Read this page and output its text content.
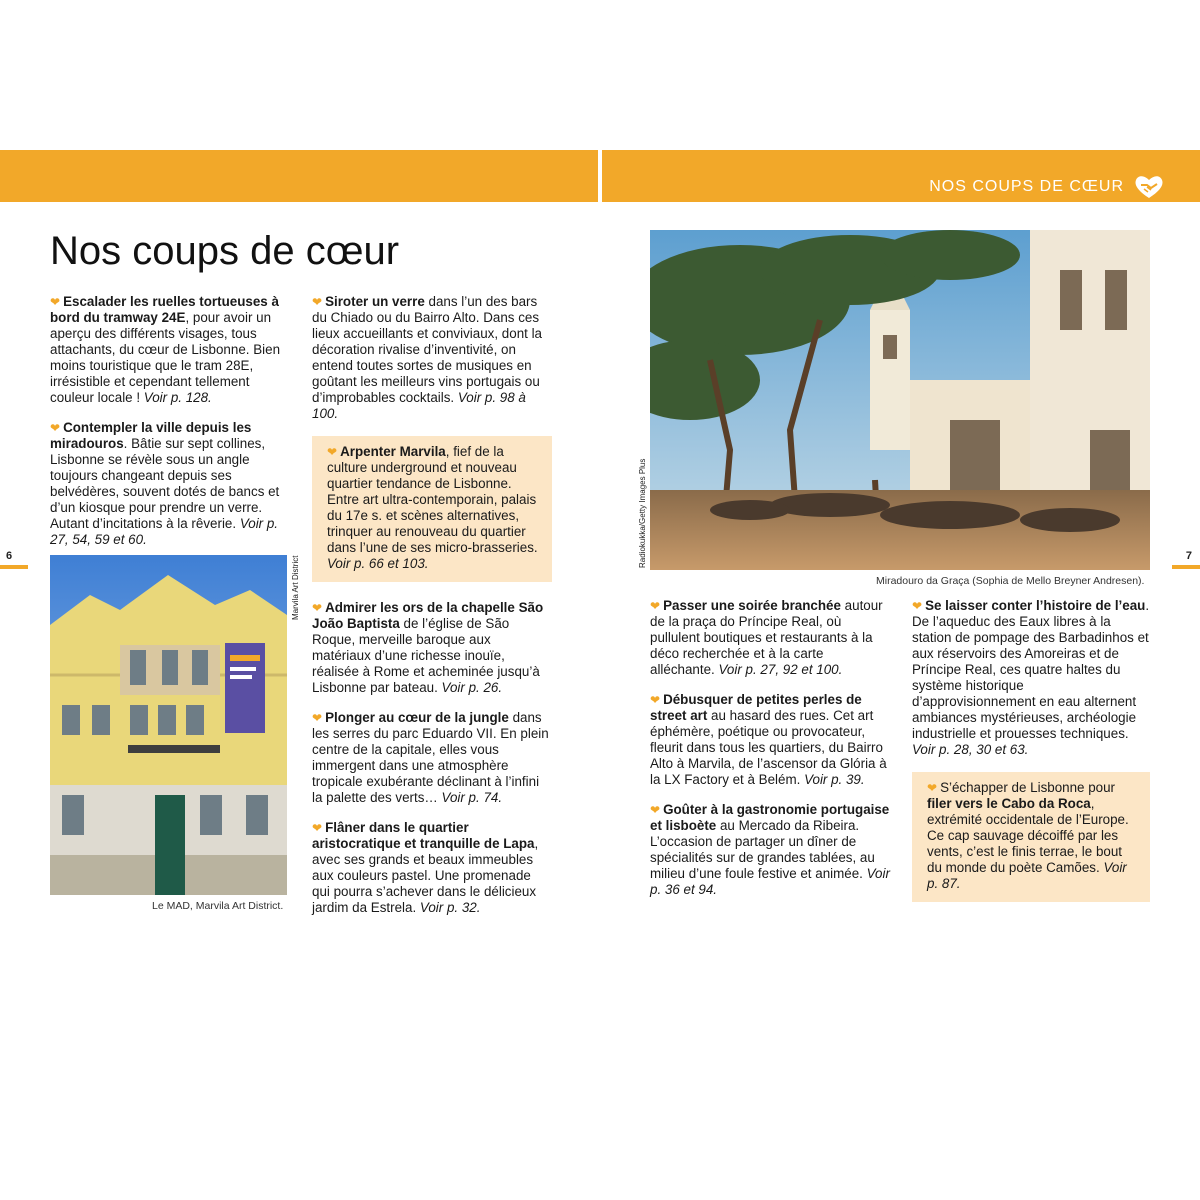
NOS COUPS DE CŒUR
Nos coups de cœur
6	7

❤ Escalader les ruelles tortueuses à bord du tramway 24E, pour avoir un aperçu des différents visages, tous attachants, du cœur de Lisbonne. Bien moins touristique que le tram 28E, irrésistible et cependant tellement couleur locale ! Voir p. 128.

❤ Contempler la ville depuis les miradouros. Bâtie sur sept collines, Lisbonne se révèle sous un angle toujours changeant depuis ses belvédères, souvent dotés de bancs et d’un kiosque pour prendre un verre. Autant d’incitations à la rêverie. Voir p. 27, 54, 59 et 60.

Marvila Art District
Le MAD, Marvila Art District.

❤ Siroter un verre dans l’un des bars du Chiado ou du Bairro Alto. Dans ces lieux accueillants et conviviaux, dont la décoration rivalise d’inventivité, on entend toutes sortes de musiques en goûtant les meilleurs vins portugais ou d’improbables cocktails. Voir p. 98 à 100.

❤ Arpenter Marvila, fief de la culture underground et nouveau quartier tendance de Lisbonne. Entre art ultra-contemporain, palais du 17e s. et scènes alternatives, trinquer au renouveau du quartier dans l’une de ses micro-brasseries. Voir p. 66 et 103.

❤ Admirer les ors de la chapelle São João Baptista de l’église de São Roque, merveille baroque aux matériaux d’une richesse inouïe, réalisée à Rome et acheminée jusqu’à Lisbonne par bateau. Voir p. 26.

❤ Plonger au cœur de la jungle dans les serres du parc Eduardo VII. En plein centre de la capitale, elles vous immergent dans une atmosphère tropicale exubérante déclinant à l’infini la palette des verts… Voir p. 74.

❤ Flâner dans le quartier aristocratique et tranquille de Lapa, avec ses grands et beaux immeubles aux couleurs pastel. Une promenade qui pourra s’achever dans le délicieux jardim da Estrela. Voir p. 32.

Radiokukka/Getty Images Plus
Miradouro da Graça (Sophia de Mello Breyner Andresen).

❤ Passer une soirée branchée autour de la praça do Príncipe Real, où pullulent boutiques et restaurants à la déco recherchée et à la carte alléchante. Voir p. 27, 92 et 100.

❤ Débusquer de petites perles de street art au hasard des rues. Cet art éphémère, poétique ou provocateur, fleurit dans tous les quartiers, du Bairro Alto à Marvila, de l’ascensor da Glória à la LX Factory et à Belém. Voir p. 39.

❤ Goûter à la gastronomie portugaise et lisboète au Mercado da Ribeira. L’occasion de partager un dîner de spécialités sur de grandes tablées, au milieu d’une foule festive et animée. Voir p. 36 et 94.

❤ Se laisser conter l’histoire de l’eau. De l’aqueduc des Eaux libres à la station de pompage des Barbadinhos et aux réservoirs des Amoreiras et de Príncipe Real, ces quatre haltes du système historique d’approvisionnement en eau alternent ambiances mystérieuses, archéologie industrielle et prouesses techniques. Voir p. 28, 30 et 63.

❤ S’échapper de Lisbonne pour filer vers le Cabo da Roca, extrémité occidentale de l’Europe. Ce cap sauvage décoiffé par les vents, c’est le finis terrae, le bout du monde du poète Camões. Voir p. 87.
